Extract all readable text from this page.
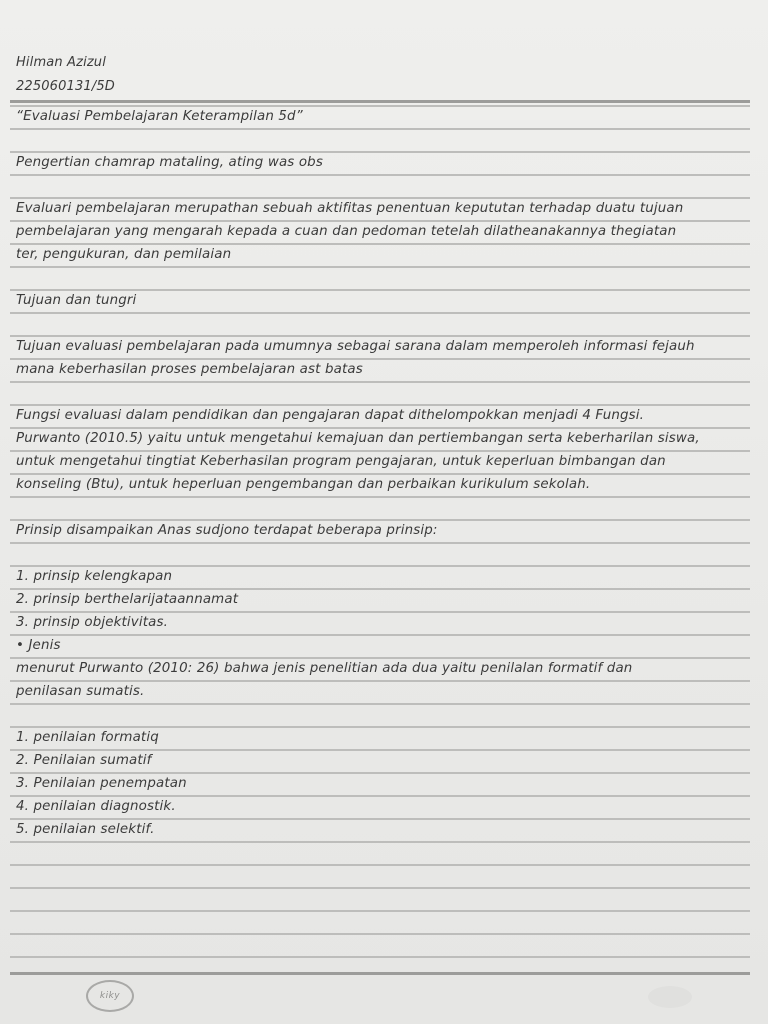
Hilman Azizul
225060131/5D
“Evaluasi Pembelajaran Keterampilan 5d”
Pengertian chamrap mataling, ating was obs
Evaluari pembelajaran merupathan sebuah aktifitas penentuan kepututan terhadap duatu tujuan
pembelajaran yang mengarah kepada a cuan dan pedoman tetelah dilatheanakannya thegiatan
ter, pengukuran, dan pemilaian
Tujuan dan tungri
Tujuan evaluasi pembelajaran pada umumnya sebagai sarana dalam memperoleh informasi fejauh
mana keberhasilan proses pembelajaran ast batas
Fungsi evaluasi dalam pendidikan dan pengajaran dapat dithelompokkan menjadi 4 Fungsi.
Purwanto (2010.5) yaitu untuk mengetahui kemajuan dan pertiembangan serta keberharilan siswa,
untuk mengetahui tingtiat Keberhasilan program pengajaran, untuk keperluan bimbangan dan
konseling (Btu), untuk heperluan pengembangan dan perbaikan kurikulum sekolah.
Prinsip disampaikan Anas sudjono terdapat beberapa prinsip:
1. prinsip kelengkapan
2. prinsip berthelarijataannamat
3. prinsip objektivitas.
• Jenis
menurut Purwanto (2010: 26) bahwa jenis penelitian ada dua yaitu penilalan formatif dan
penilasan sumatis.
1. penilaian formatiq
2. Penilaian sumatif
3. Penilaian penempatan
4. penilaian diagnostik.
5. penilaian selektif.
kiky
